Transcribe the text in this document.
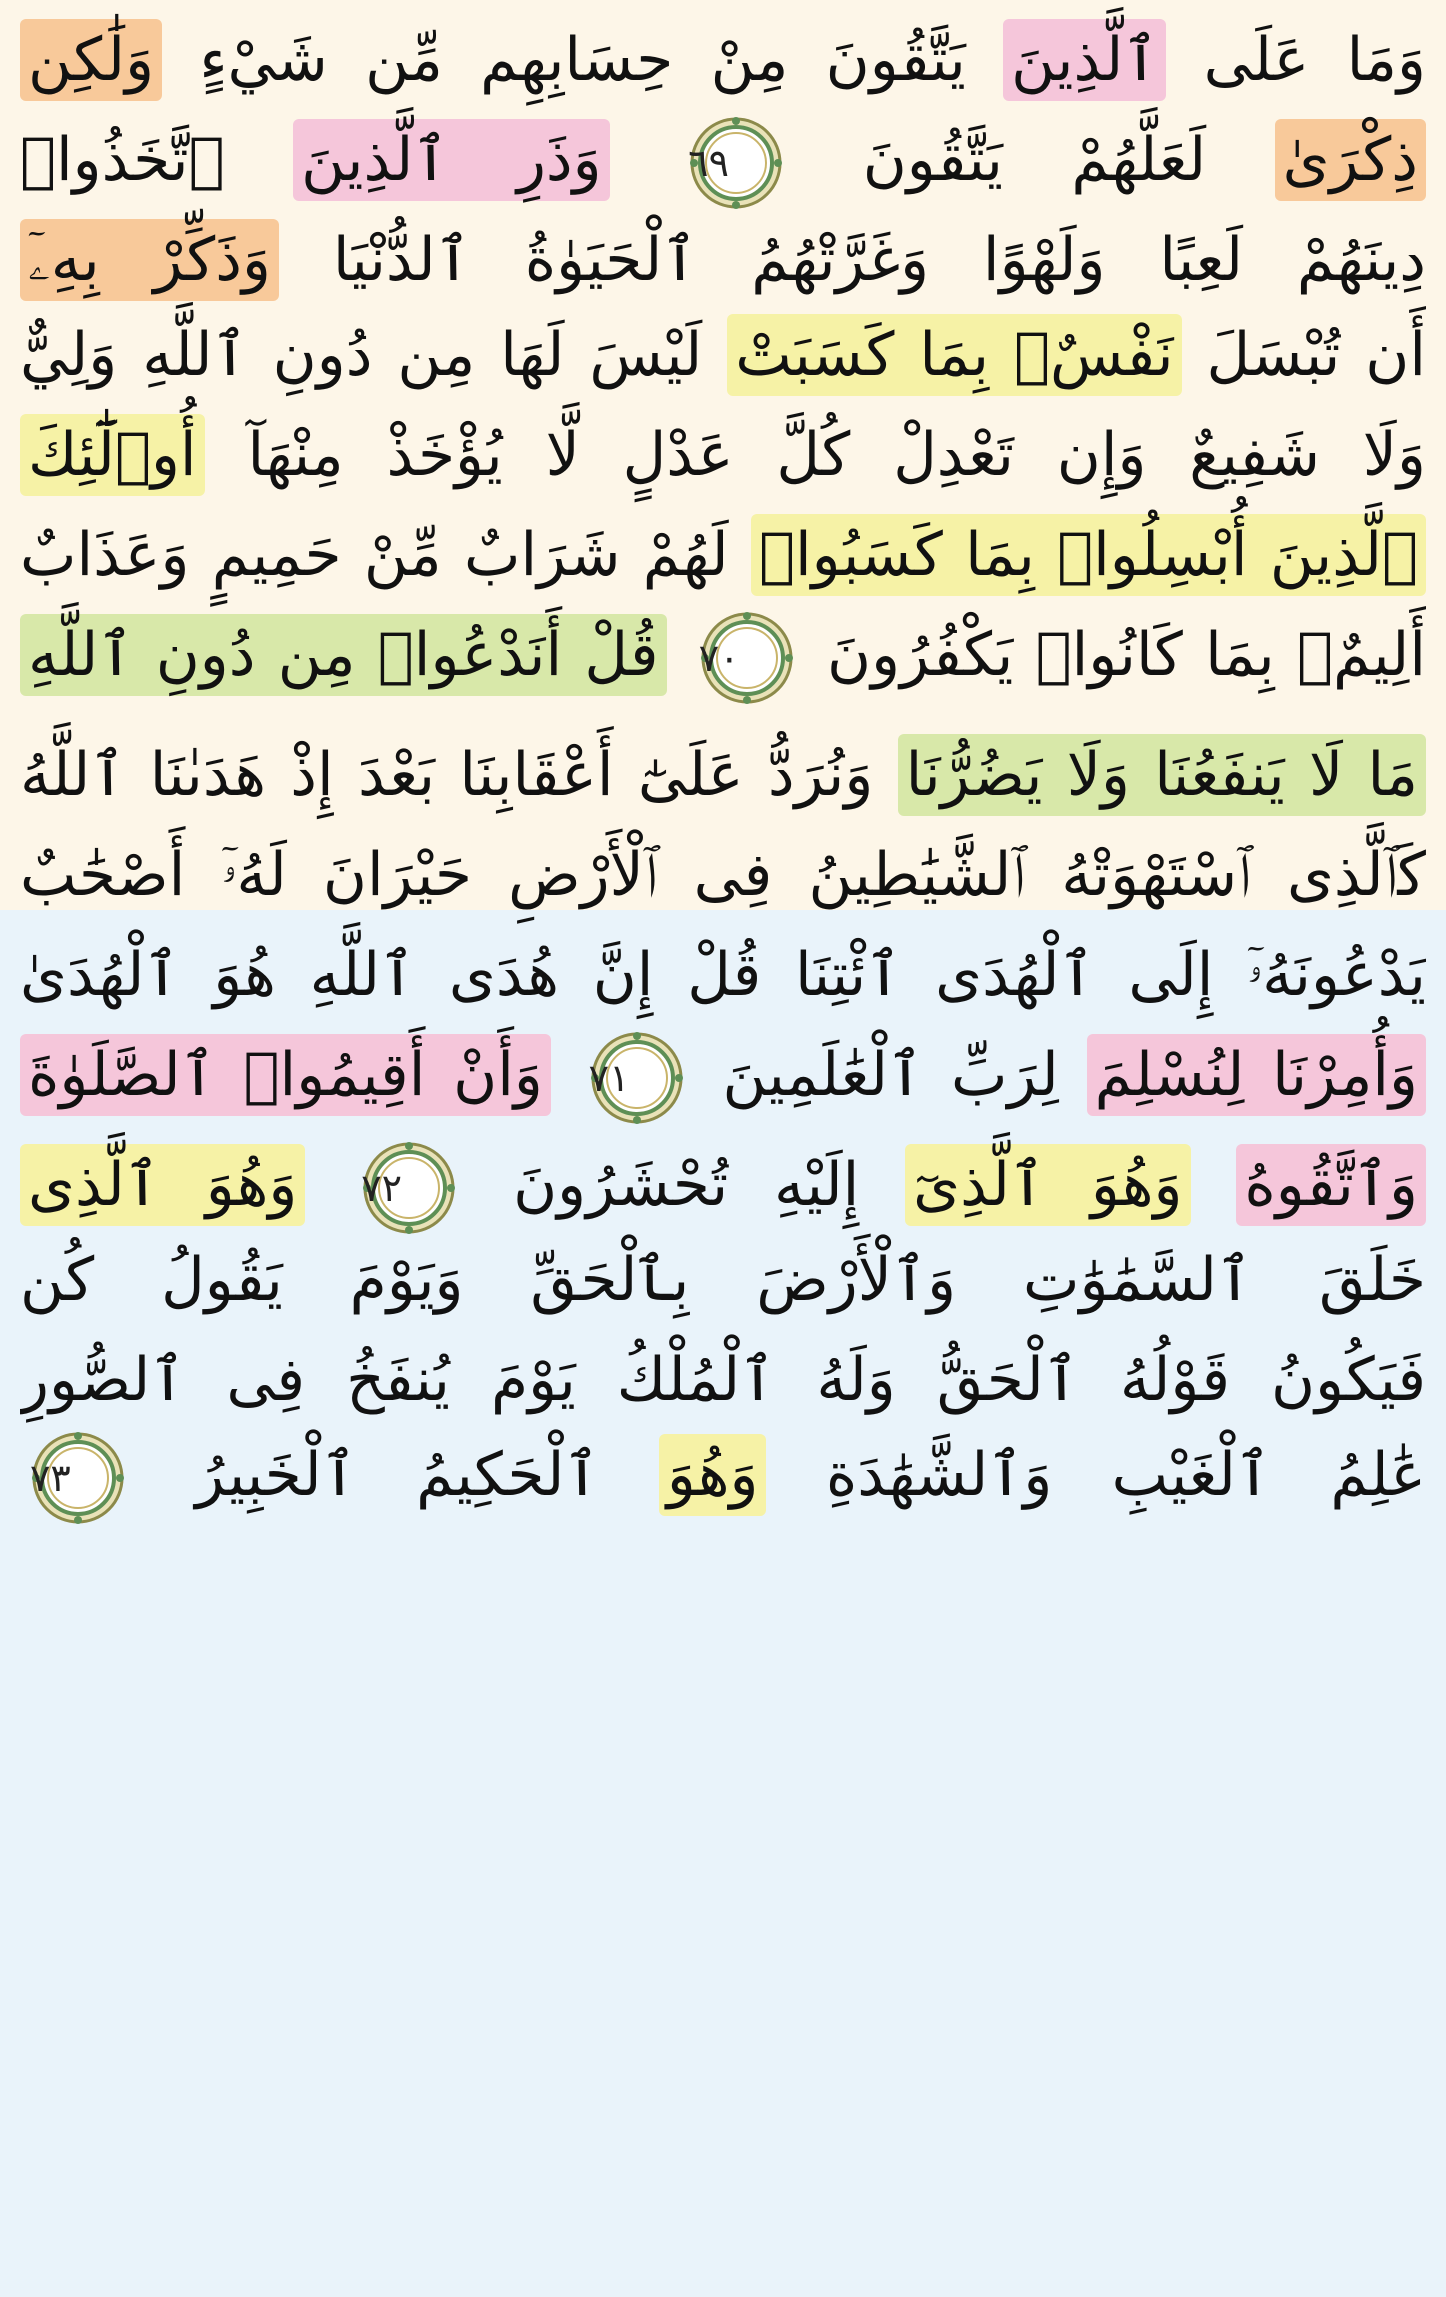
وَمَا عَلَى ٱلَّذِينَ يَتَّقُونَ مِنْ حِسَابِهِم مِّن شَيْءٍ وَلَٰكِن
ذِكْرَىٰ لَعَلَّهُمْ يَتَّقُونَ
٦٩
وَذَرِ ٱلَّذِينَ ٱتَّخَذُوا۟
دِينَهُمْ لَعِبًا وَلَهْوًا وَغَرَّتْهُمُ ٱلْحَيَوٰةُ ٱلدُّنْيَا وَذَكِّرْ بِهِۦٓ
أَن تُبْسَلَ نَفْسٌۢ بِمَا كَسَبَتْ لَيْسَ لَهَا مِن دُونِ ٱللَّهِ وَلِيٌّ
وَلَا شَفِيعٌ وَإِن تَعْدِلْ كُلَّ عَدْلٍ لَّا يُؤْخَذْ مِنْهَآ أُو۟لَٰٓئِكَ
ٱلَّذِينَ أُبْسِلُوا۟ بِمَا كَسَبُوا۟ لَهُمْ شَرَابٌ مِّنْ حَمِيمٍ وَعَذَابٌ
أَلِيمٌۢ بِمَا كَانُوا۟ يَكْفُرُونَ
٧٠
قُلْ أَنَدْعُوا۟ مِن دُونِ ٱللَّهِ
مَا لَا يَنفَعُنَا وَلَا يَضُرُّنَا وَنُرَدُّ عَلَىٰٓ أَعْقَابِنَا بَعْدَ إِذْ هَدَىٰنَا ٱللَّهُ
كَٱلَّذِى ٱسْتَهْوَتْهُ ٱلشَّيَٰطِينُ فِى ٱلْأَرْضِ حَيْرَانَ لَهُۥٓ أَصْحَٰبٌ
يَدْعُونَهُۥٓ إِلَى ٱلْهُدَى ٱئْتِنَا قُلْ إِنَّ هُدَى ٱللَّهِ هُوَ ٱلْهُدَىٰ
وَأُمِرْنَا لِنُسْلِمَ لِرَبِّ ٱلْعَٰلَمِينَ
٧١
وَأَنْ أَقِيمُوا۟ ٱلصَّلَوٰةَ
وَٱتَّقُوهُ وَهُوَ ٱلَّذِىٓ إِلَيْهِ تُحْشَرُونَ
٧٢
وَهُوَ ٱلَّذِى
خَلَقَ ٱلسَّمَٰوَٰتِ وَٱلْأَرْضَ بِٱلْحَقِّ وَيَوْمَ يَقُولُ كُن
فَيَكُونُ قَوْلُهُ ٱلْحَقُّ وَلَهُ ٱلْمُلْكُ يَوْمَ يُنفَخُ فِى ٱلصُّورِ
عَٰلِمُ ٱلْغَيْبِ وَٱلشَّهَٰدَةِ وَهُوَ ٱلْحَكِيمُ ٱلْخَبِيرُ
٧٣
